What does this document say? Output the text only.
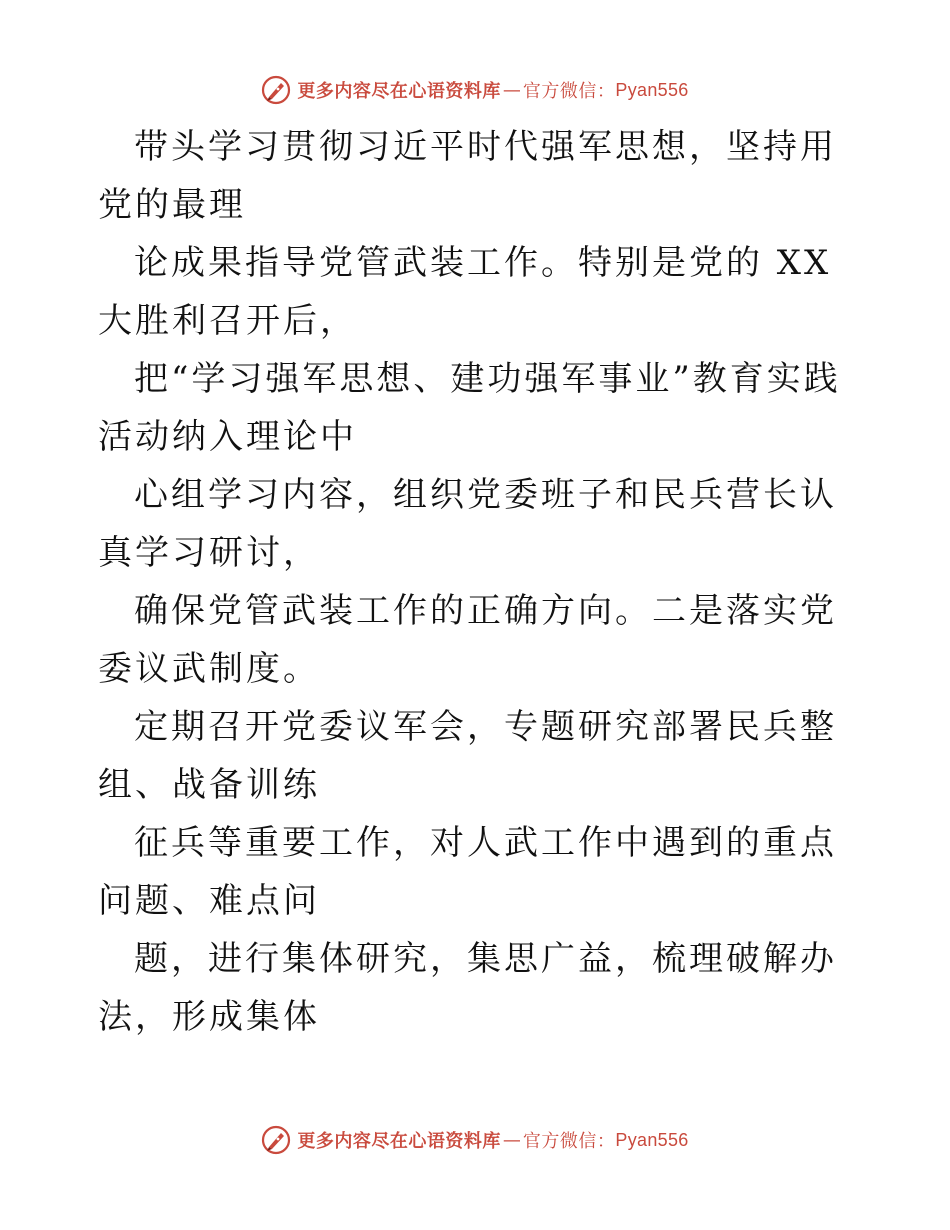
更多内容尽在心语资料库 — 官方微信： Pyan556

带头学习贯彻习近平时代强军思想，坚持用党的最理

论成果指导党管武装工作。特别是党的 XX 大胜利召开后，

把“学习强军思想、建功强军事业”教育实践活动纳入理论中

心组学习内容，组织党委班子和民兵营长认真学习研讨，

确保党管武装工作的正确方向。二是落实党委议武制度。

定期召开党委议军会，专题研究部署民兵整组、战备训练

征兵等重要工作，对人武工作中遇到的重点问题、难点问

题，进行集体研究，集思广益，梳理破解办法，形成集体

更多内容尽在心语资料库 — 官方微信： Pyan556
